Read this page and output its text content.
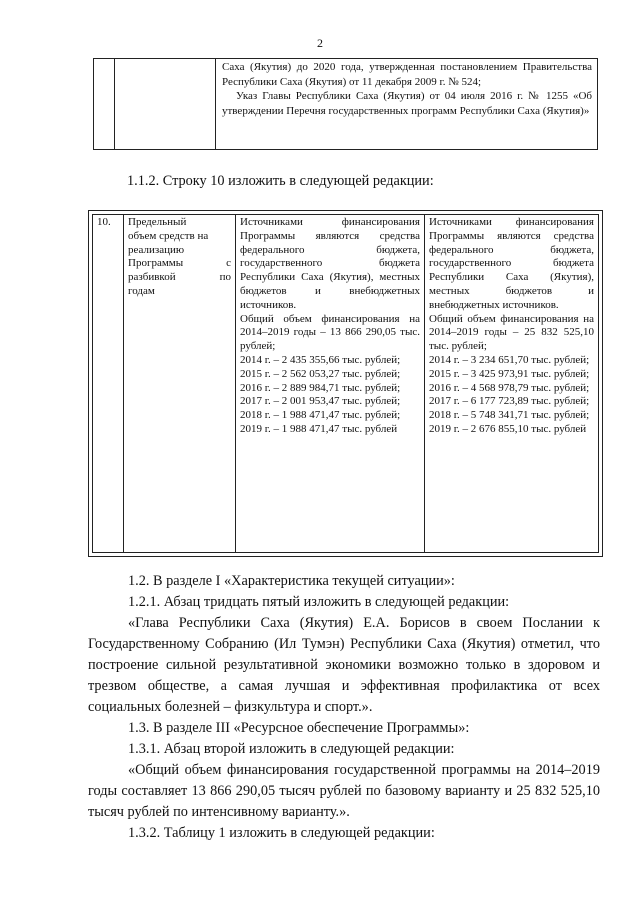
2

Саха (Якутия) до 2020 года, утвержденная постановлением Правительства Республики Саха (Якутия) от 11 декабря 2009 г. № 524;

Указ Главы Республики Саха (Якутия) от 04 июля 2016 г. № 1255 «Об утверждении Перечня государственных программ Республики Саха (Якутия)»

1.1.2. Строку 10 изложить в следующей редакции:
10.	Предельный

объем средств на

реализацию

Программы с

разбивкой по

годам

Источниками финансирования Программы являются средства федерального бюджета, государственного бюджета Республики Саха (Якутия), местных бюджетов и внебюджетных источников.

Общий объем финансирования на 2014–2019 годы – 13 866 290,05 тыс. рублей;

2014 г. – 2 435 355,66 тыс. рублей;

2015 г. – 2 562 053,27 тыс. рублей;

2016 г. – 2 889 984,71 тыс. рублей;

2017 г. – 2 001 953,47 тыс. рублей;

2018 г. – 1 988 471,47 тыс. рублей;

2019 г. – 1 988 471,47 тыс. рублей

Источниками финансирования Программы являются средства федерального бюджета, государственного бюджета Республики Саха (Якутия), местных бюджетов и внебюджетных источников.

Общий объем финансирования на 2014–2019 годы – 25 832 525,10 тыс. рублей;

2014 г. – 3 234 651,70 тыс. рублей;

2015 г. – 3 425 973,91 тыс. рублей;

2016 г. – 4 568 978,79 тыс. рублей;

2017 г. – 6 177 723,89 тыс. рублей;

2018 г. – 5 748 341,71 тыс. рублей;

2019 г. – 2 676 855,10 тыс. рублей

1.2. В разделе I «Характеристика текущей ситуации»:

1.2.1. Абзац тридцать пятый изложить в следующей редакции:

«Глава Республики Саха (Якутия) Е.А. Борисов в своем Послании к Государственному Собранию (Ил Тумэн) Республики Саха (Якутия) отметил, что построение сильной результативной экономики возможно только в здоровом и трезвом обществе, а самая лучшая и эффективная профилактика от всех социальных болезней – физкультура и спорт.».

1.3. В разделе III «Ресурсное обеспечение Программы»:

1.3.1. Абзац второй изложить в следующей редакции:

«Общий объем финансирования государственной программы на 2014–2019 годы составляет 13 866 290,05 тысяч рублей по базовому варианту и 25 832 525,10 тысяч рублей по интенсивному варианту.».

1.3.2. Таблицу 1 изложить в следующей редакции:
